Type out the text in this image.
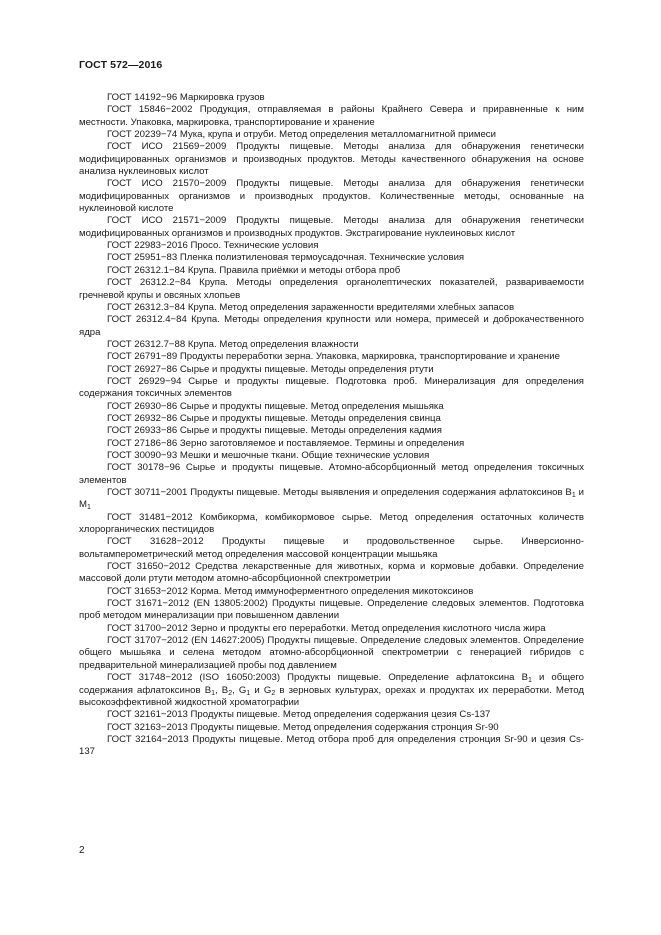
ГОСТ 572—2016

ГОСТ 14192−96 Маркировка грузов

ГОСТ 15846−2002 Продукция, отправляемая в районы Крайнего Севера и приравненные к ним местности. Упаковка, маркировка, транспортирование и хранение

ГОСТ 20239−74 Мука, крупа и отруби. Метод определения металломагнитной примеси

ГОСТ ИСО 21569−2009 Продукты пищевые. Методы анализа для обнаружения генетически модифицированных организмов и производных продуктов. Методы качественного обнаружения на основе анализа нуклеиновых кислот

ГОСТ ИСО 21570−2009 Продукты пищевые. Методы анализа для обнаружения генетически модифицированных организмов и производных продуктов. Количественные методы, основанные на нуклеиновой кислоте

ГОСТ ИСО 21571−2009 Продукты пищевые. Методы анализа для обнаружения генетически модифицированных организмов и производных продуктов. Экстрагирование нуклеиновых кислот

ГОСТ 22983−2016 Просо. Технические условия

ГОСТ 25951−83 Пленка полиэтиленовая термоусадочная. Технические условия

ГОСТ 26312.1−84 Крупа. Правила приёмки и методы отбора проб

ГОСТ 26312.2−84 Крупа. Методы определения органолептических показателей, развариваемости гречневой крупы и овсяных хлопьев

ГОСТ 26312.3−84 Крупа. Метод определения зараженности вредителями хлебных запасов

ГОСТ 26312.4−84 Крупа. Методы определения крупности или номера, примесей и доброкачественного ядра

ГОСТ 26312.7−88 Крупа. Метод определения влажности

ГОСТ 26791−89 Продукты переработки зерна. Упаковка, маркировка, транспортирование и хранение

ГОСТ 26927−86 Сырье и продукты пищевые. Методы определения ртути

ГОСТ 26929−94 Сырье и продукты пищевые. Подготовка проб. Минерализация для определения содержания токсичных элементов

ГОСТ 26930−86 Сырье и продукты пищевые. Метод определения мышьяка

ГОСТ 26932−86 Сырье и продукты пищевые. Методы определения свинца

ГОСТ 26933−86 Сырье и продукты пищевые. Методы определения кадмия

ГОСТ 27186−86 Зерно заготовляемое и поставляемое. Термины и определения

ГОСТ 30090−93 Мешки и мешочные ткани. Общие технические условия

ГОСТ 30178−96 Сырье и продукты пищевые. Атомно-абсорбционный метод определения токсичных элементов

ГОСТ 30711−2001 Продукты пищевые. Методы выявления и определения содержания афлатоксинов $B_1$ и $M_1$

ГОСТ 31481−2012 Комбикорма, комбикормовое сырье. Метод определения остаточных количеств хлорорганических пестицидов

ГОСТ 31628−2012 Продукты пищевые и продовольственное сырье. Инверсионно-вольтамперометрический метод определения массовой концентрации мышьяка

ГОСТ 31650−2012 Средства лекарственные для животных, корма и кормовые добавки. Определение массовой доли ртути методом атомно-абсорбционной спектрометрии

ГОСТ 31653−2012 Корма. Метод иммуноферментного определения микотоксинов

ГОСТ 31671−2012 (EN 13805:2002) Продукты пищевые. Определение следовых элементов. Подготовка проб методом минерализации при повышенном давлении

ГОСТ 31700−2012 Зерно и продукты его переработки. Метод определения кислотного числа жира

ГОСТ 31707−2012 (EN 14627:2005) Продукты пищевые. Определение следовых элементов. Определение общего мышьяка и селена методом атомно-абсорбционной спектрометрии с генерацией гибридов с предварительной минерализацией пробы под давлением

ГОСТ 31748−2012 (ISO 16050:2003) Продукты пищевые. Определение афлатоксина $B_1$ и общего содержания афлатоксинов $B_1$, $B_2$, $G_1$ и $G_2$ в зерновых культурах, орехах и продуктах их переработки. Метод высокоэффективной жидкостной хроматографии

ГОСТ 32161−2013 Продукты пищевые. Метод определения содержания цезия Cs-137

ГОСТ 32163−2013 Продукты пищевые. Метод определения содержания стронция Sr-90

ГОСТ 32164−2013 Продукты пищевые. Метод отбора проб для определения стронция Sr-90 и цезия Cs-137

2
